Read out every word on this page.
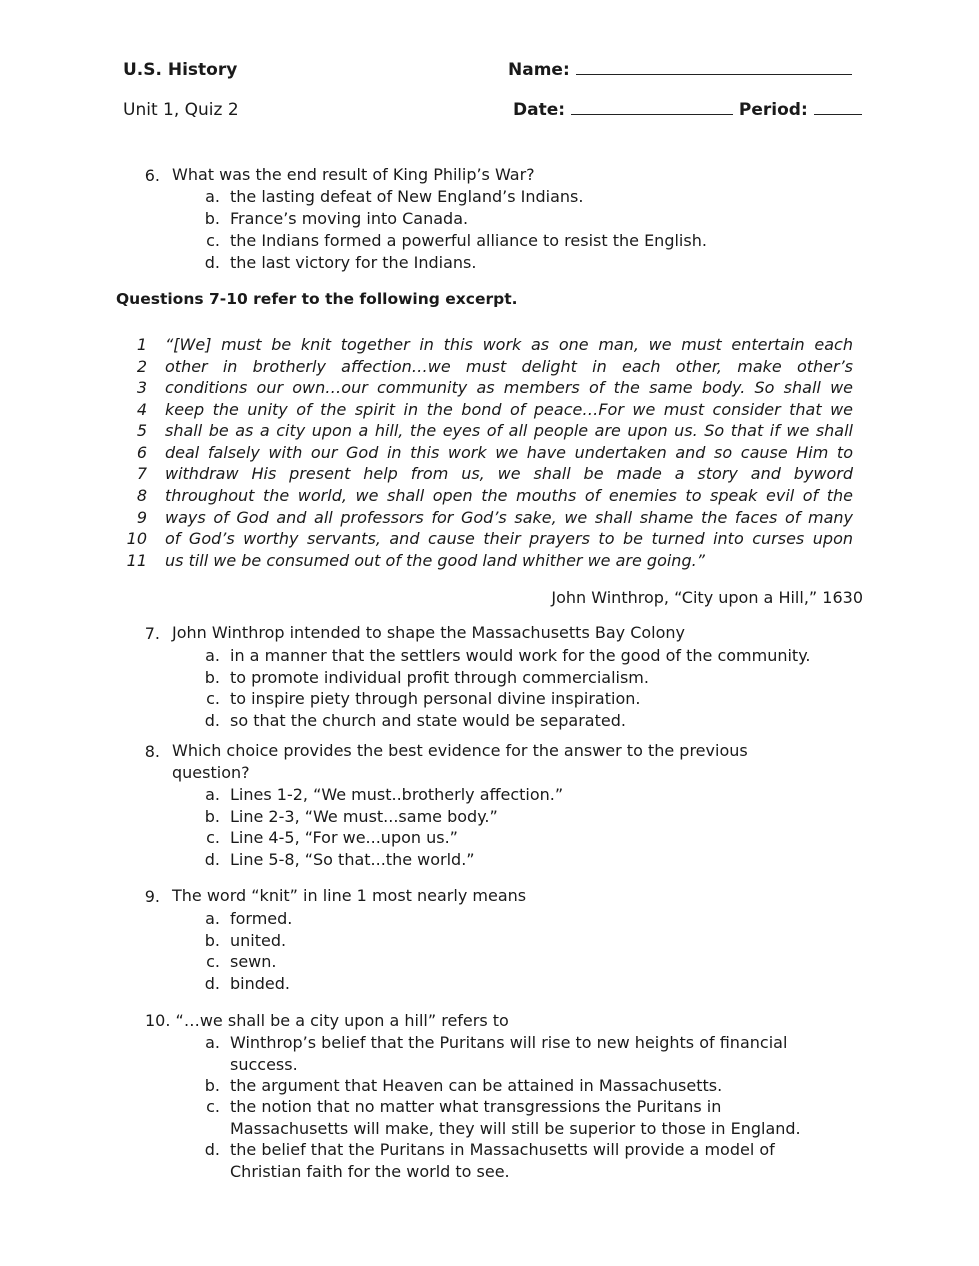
U.S. History
Unit 1, Quiz 2
Name:
Date:	Period:
6. What was the end result of King Philip’s War?
a. the lasting defeat of New England’s Indians.
b. France’s moving into Canada.
c. the Indians formed a powerful alliance to resist the English.
d. the last victory for the Indians.
Questions 7-10 refer to the following excerpt.
1 “[We] must be knit together in this work as one man, we must entertain each
2 other in brotherly affection…we must delight in each other, make other’s
3 conditions our own…our community as members of the same body. So shall we
4 keep the unity of the spirit in the bond of peace…For we must consider that we
5 shall be as a city upon a hill, the eyes of all people are upon us. So that if we shall
6 deal falsely with our God in this work we have undertaken and so cause Him to
7 withdraw His present help from us, we shall be made a story and byword
8 throughout the world, we shall open the mouths of enemies to speak evil of the
9 ways of God and all professors for God’s sake, we shall shame the faces of many
10 of God’s worthy servants, and cause their prayers to be turned into curses upon
11 us till we be consumed out of the good land whither we are going.”
John Winthrop, “City upon a Hill,” 1630
7. John Winthrop intended to shape the Massachusetts Bay Colony
a. in a manner that the settlers would work for the good of the community.
b. to promote individual profit through commercialism.
c. to inspire piety through personal divine inspiration.
d. so that the church and state would be separated.
8. Which choice provides the best evidence for the answer to the previous
question?
a. Lines 1-2, “We must..brotherly affection.”
b. Line 2-3, “We must...same body.”
c. Line 4-5, “For we...upon us.”
d. Line 5-8, “So that...the world.”
9. The word “knit” in line 1 most nearly means
a. formed.
b. united.
c. sewn.
d. binded.
10. “…we shall be a city upon a hill” refers to
a. Winthrop’s belief that the Puritans will rise to new heights of financial
success.
b. the argument that Heaven can be attained in Massachusetts.
c. the notion that no matter what transgressions the Puritans in
Massachusetts will make, they will still be superior to those in England.
d. the belief that the Puritans in Massachusetts will provide a model of
Christian faith for the world to see.
